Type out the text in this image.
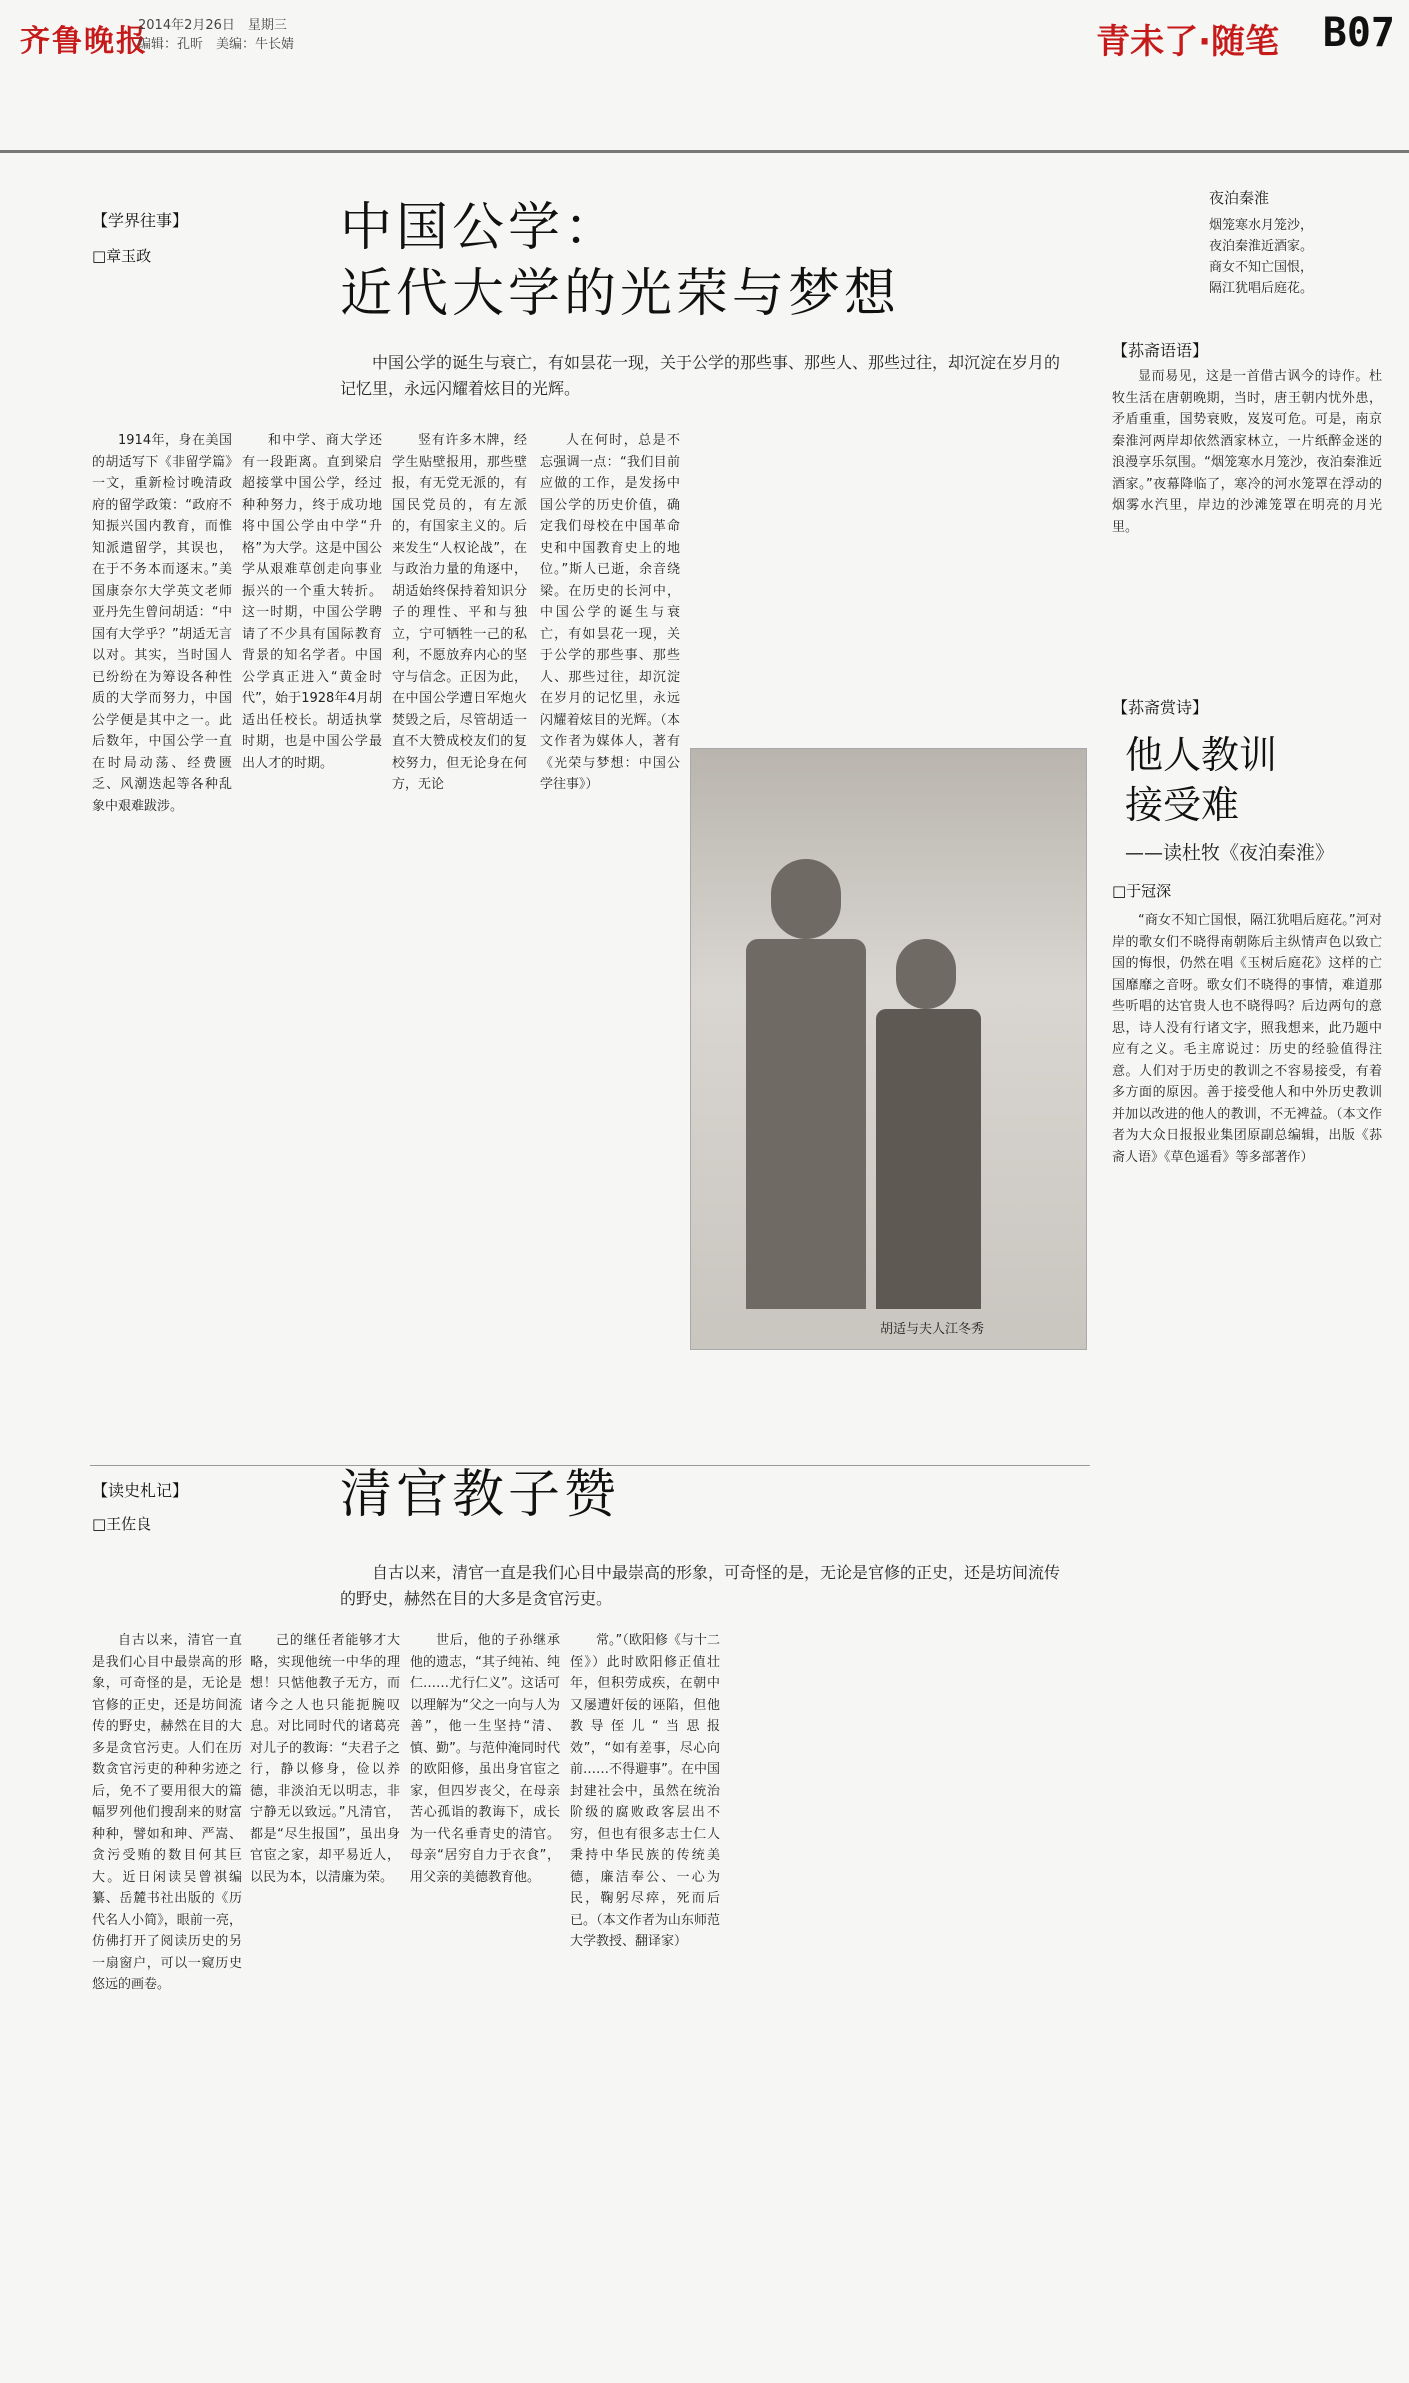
齐鲁晚报
2014年2月26日　星期三
编辑：孔昕　美编：牛长婧	青未了·随笔 B07
【学界往事】
□章玉政	中国公学：
近代大学的光荣与梦想
中国公学的诞生与衰亡，有如昙花一现，关于公学的那些事、那些人、那些过往，却沉淀在岁月的记忆里，永远闪耀着炫目的光辉。

1914年，身在美国的胡适写下《非留学篇》一文，重新检讨晚清政府的留学政策：“政府不知振兴国内教育，而惟知派遣留学，其误也，在于不务本而逐末。”美国康奈尔大学英文老师亚丹先生曾问胡适：“中国有大学乎？”胡适无言以对。其实，当时国人已纷纷在为筹设各种性质的大学而努力，中国公学便是其中之一。此后数年，中国公学一直在时局动荡、经费匮乏、风潮迭起等各种乱象中艰难跋涉。

和中学、商大学还有一段距离。直到梁启超接掌中国公学，经过种种努力，终于成功地将中国公学由中学“升格”为大学。这是中国公学从艰难草创走向事业振兴的一个重大转折。这一时期，中国公学聘请了不少具有国际教育背景的知名学者。中国公学真正进入“黄金时代”，始于1928年4月胡适出任校长。胡适执掌时期，也是中国公学最出人才的时期。

竖有许多木牌，经学生贴壁报用，那些壁报，有无党无派的，有国民党员的，有左派的，有国家主义的。后来发生“人权论战”，在与政治力量的角逐中，胡适始终保持着知识分子的理性、平和与独立，宁可牺牲一己的私利，不愿放弃内心的坚守与信念。正因为此，在中国公学遭日军炮火焚毁之后，尽管胡适一直不大赞成校友们的复校努力，但无论身在何方，无论

人在何时，总是不忘强调一点：“我们目前应做的工作，是发扬中国公学的历史价值，确定我们母校在中国革命史和中国教育史上的地位。”斯人已逝，余音绕梁。在历史的长河中，中国公学的诞生与衰亡，有如昙花一现，关于公学的那些事、那些人、那些过往，却沉淀在岁月的记忆里，永远闪耀着炫目的光辉。（本文作者为媒体人，著有《光荣与梦想：中国公学往事》）

胡适与夫人江冬秀
【读史札记】
□王佐良	清官教子赞
自古以来，清官一直是我们心目中最崇高的形象，可奇怪的是，无论是官修的正史，还是坊间流传的野史，赫然在目的大多是贪官污吏。

自古以来，清官一直是我们心目中最崇高的形象，可奇怪的是，无论是官修的正史，还是坊间流传的野史，赫然在目的大多是贪官污吏。人们在历数贪官污吏的种种劣迹之后，免不了要用很大的篇幅罗列他们搜刮来的财富种种，譬如和珅、严嵩、贪污受贿的数目何其巨大。近日闲读吴曾祺编纂、岳麓书社出版的《历代名人小简》，眼前一亮，仿佛打开了阅读历史的另一扇窗户，可以一窥历史悠远的画卷。

己的继任者能够才大略，实现他统一中华的理想！只惦他教子无方，而诸今之人也只能扼腕叹息。对比同时代的诸葛亮对儿子的教诲：“夫君子之行，静以修身，俭以养德，非淡泊无以明志，非宁静无以致远。”凡清官，都是“尽生报国”，虽出身官宦之家，却平易近人，以民为本，以清廉为荣。

世后，他的子孙继承他的遗志，“其子纯祐、纯仁……尤行仁义”。这话可以理解为“父之一向与人为善”，他一生坚持“清、慎、勤”。与范仲淹同时代的欧阳修，虽出身官宦之家，但四岁丧父，在母亲苦心孤诣的教诲下，成长为一代名垂青史的清官。母亲“居穷自力于衣食”，用父亲的美德教育他。

常。”（欧阳修《与十二侄》）此时欧阳修正值壮年，但积劳成疾，在朝中又屡遭奸佞的诬陷，但他教导侄儿“当思报效”，“如有差事，尽心向前……不得避事”。在中国封建社会中，虽然在统治阶级的腐败政客层出不穷，但也有很多志士仁人秉持中华民族的传统美德，廉洁奉公、一心为民，鞠躬尽瘁，死而后已。（本文作者为山东师范大学教授、翻译家）

夜泊秦淮
烟笼寒水月笼沙，
夜泊秦淮近酒家。
商女不知亡国恨，
隔江犹唱后庭花。
【荪斋语语】

显而易见，这是一首借古讽今的诗作。杜牧生活在唐朝晚期，当时，唐王朝内忧外患，矛盾重重，国势衰败，岌岌可危。可是，南京秦淮河两岸却依然酒家林立，一片纸醉金迷的浪漫享乐氛围。“烟笼寒水月笼沙，夜泊秦淮近酒家。”夜幕降临了，寒冷的河水笼罩在浮动的烟雾水汽里，岸边的沙滩笼罩在明亮的月光里。

【荪斋赏诗】
他人教训
接受难
——读杜牧《夜泊秦淮》
□于冠深

“商女不知亡国恨，隔江犹唱后庭花。”河对岸的歌女们不晓得南朝陈后主纵情声色以致亡国的悔恨，仍然在唱《玉树后庭花》这样的亡国靡靡之音呀。歌女们不晓得的事情，难道那些听唱的达官贵人也不晓得吗？后边两句的意思，诗人没有行诸文字，照我想来，此乃题中应有之义。毛主席说过：历史的经验值得注意。人们对于历史的教训之不容易接受，有着多方面的原因。善于接受他人和中外历史教训并加以改进的他人的教训，不无裨益。（本文作者为大众日报报业集团原副总编辑，出版《荪斋人语》《草色遥看》等多部著作）
